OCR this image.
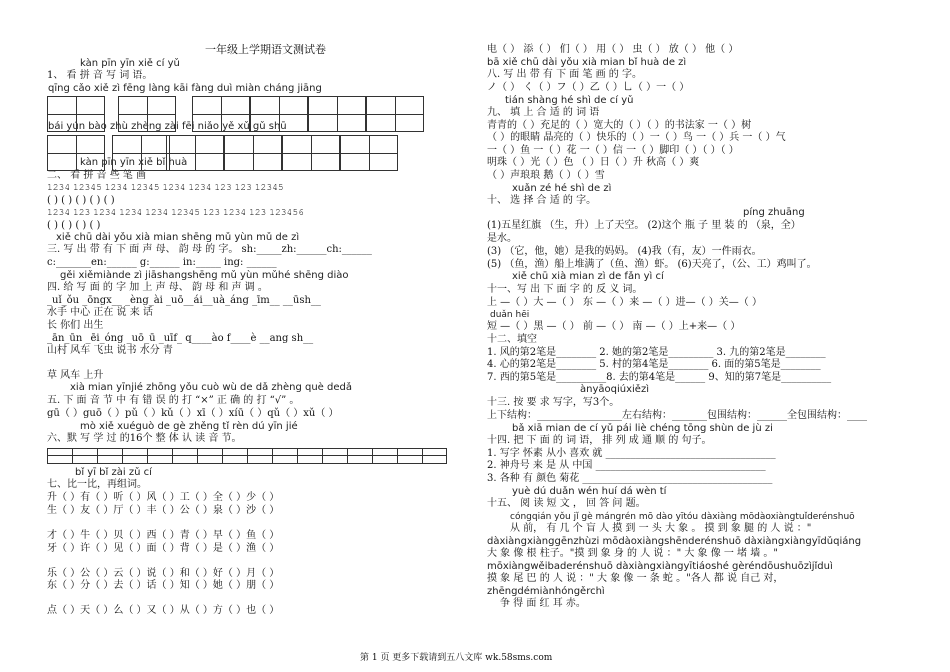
一年级上学期语文测试卷
kàn pīn yīn xiě cí yǔ
1、 看 拼 音 写 词 语。
qīng cǎo xiě zì fēng làng kāi fàng duì miàn cháng jiāng
bái yún bào zhù zhèng zài fēi niǎo yě xǔ gǔ shū
kàn pīn yīn xiě bǐ huà
二、 看 拼 音 些 笔 画
𝟷𝟸𝟹𝟺 𝟷𝟸𝟹𝟺𝟻 𝟷𝟸𝟹𝟺 𝟷𝟸𝟹𝟺𝟻 𝟷𝟸𝟹𝟺 𝟷𝟸𝟹𝟺 𝟷𝟸𝟹 𝟷𝟸𝟹 𝟷𝟸𝟹𝟺𝟻
( ) ( ) ( ) ( ) ( )
𝟷𝟸𝟹𝟺 𝟷𝟸𝟹 𝟷𝟸𝟹𝟺 𝟷𝟸𝟹𝟺 𝟷𝟸𝟹𝟺 𝟷𝟸𝟹𝟺𝟻 𝟷𝟸𝟹 𝟷𝟸𝟹𝟺 𝟷𝟸𝟹 𝟷𝟸𝟹𝟺𝟻𝟼
( ) ( ) ( ) ( )
xiě chū dài yǒu xià mian shēng mǔ yùn mǔ de zì
三. 写 出 带 有 下 面 声 母、 韵 母 的 字。 sh:_____zh:______ch:______
c:_______en:______ g:______ in:_____ ing: ______
gěi xiěmiànde zì jiāshangshēng mǔ yùn mǔhé shēng diào
四. 给 写 面 的 字 加 上 声 母、 韵 母 和 声 调 。
_uǐ_ǒu _ōngx__ _èng_ài _uō__ái__uà_áng _īm__ __ūsh__
水手 中心 正在 说 来 话
长 你们 出生
_ān_ūn _ēi_óng _uō_ū _uīf_ q____ào f____è __ang sh__
山村 风车 飞虫 说书 水分 青
草 风车 上升
xià mian yīnjié zhōng yǒu cuò wù de dǎ zhèng què dedǎ
五. 下 面 音 节 中 有 错 误 的 打 “×” 正 确 的 打 “√” 。
gū（ ）guō（ ）pǔ（ ）kǔ（ ）xī（ ）xíū（ ）qǔ（ ）xǔ（ ）
mò xiě xuéguò de gè zhěng tǐ rèn dú yīn jié
六、默 写 学 过 的16个 整 体 认 读 音 节。
bǐ yī bǐ zài zǔ cí
七、比一比，再组词。
升（ ）有（ ）听（ ）风（ ）工（ ）全（ ）少（ ）
生（ ）友（ ）厅（ ）丰（ ）公（ ）泉（ ）沙（ ）
才（ ）牛（ ）贝（ ）西（ ）青（ ）早（ ）鱼（ ）
牙（ ）许（ ）见（ ）面（ ）背（ ）是（ ）渔（ ）
乐（ ）公（ ）云（ ）说（ ）和（ ）好（ ）月（ ）
东（ ）分（ ）去（ ）话（ ）知（ ）她（ ）朋（ ）
点（ ）天（ ）么（ ）又（ ）从（ ）方（ ）也（ ）
电（ ） 添（ ） 们（ ） 用（ ） 虫（ ） 放（ ） 他（ ）
bā xiě chū dài yǒu xià mian bǐ huà de zì
八. 写 出 带 有 下 面 笔 画 的 字。
ノ（ ） く（ ）フ（ ）乙（ ）乚（ ）一（ ）
tián shàng hé shì de cí yǔ
九、 填 上 合 适 的 词 语
青青的（ ）充足的（ ）宽大的（ ）（ ）的书法家 一（ ）树
（ ）的眼睛 晶亮的（ ）快乐的（ ）一（ ）鸟 一（ ）兵 一（ ）气
一（ ）鱼 一（ ）花 一（ ）信 一（ ）脚印（ ）（ ）（ ）
明珠（ ）光（ ）色 （ ）日（ ）升 秋高（ ）爽
（ ）声琅琅 鹅（ ）（ ）雪
xuǎn zé hé shì de zì
十、 选 择 合 适 的 字。
píng zhuāng
(1)五星红旗 （生，升）上了天空。 (2)这个 瓶 子 里 装 的 （泉，全）
是水。
(3) （它，他，她）是我的妈妈。 (4)我（有，友）一件雨衣。
(5) （鱼，渔）船上堆满了（鱼、渔）虾。 (6)天亮了，（公、工）鸡叫了。
xiě chū xià mian zì de fǎn yì cí
十一、写 出 下 面 字 的 反 义 词。
上 —（ ）大 —（ ） 东 —（ ）来 —（ ）进—（ ）关—（ ）
duǎn hēi
短 —（ ）黑 —（ ） 前 —（ ） 南 —（ ）上+来—（ ）
十二、填空
1. 风的第2笔是________ 2. 她的第2笔是_________ 3. 九的第2笔是________
4. 心的第2笔是________ 5. 村的第4笔是________ 6. 面的第5笔是________
7. 西的第5笔是__________8. 去的第4笔是______ 9、知的第7笔是__________
ànyāoqiúxiězì
十三. 按 要 求 写字，写3个。
上下结构：_________________左右结构：_______包围结构：______全包围结构：____
bǎ xiā mian de cí yǔ pái liè chéng tōng shùn de jù zi
十四. 把 下 面 的 词 语， 排 列 成 通 顺 的 句子。
1. 写字 怀素 从小 喜欢 就 __________________________________
2. 神舟号 来 是 从 中国 __________________________________
3. 各种 有 颜色 菊花 ______________________________________
yuè dú duǎn wén huí dá wèn tí
十五、 阅 读 短 文 ， 回 答 问 题。
cóngqián yǒu jǐ gè mángrén mō dào yītóu dàxiàng mōdàoxiàngtuǐderénshuō
从 前， 有 几 个 盲 人 摸 到 一 头 大 象 。 摸 到 象 腿 的 人 说 ："
dàxiàngxiànggēnzhùzi mōdàoxiàngshēnderénshuō dàxiàngxiàngyīdǔqiáng
大 象 像 根 柱子。"摸 到 象 身 的 人 说 ：" 大 象 像 一 堵 墙 。"
mōxiàngwěibaderénshuō dàxiàngxiàngyītiáoshé gèréndōushuōzìjǐduì
摸 象 尾 巴 的 人 说 ：" 大 象 像 一 条 蛇 。"各人 都 说 自己 对，
zhēngdémiànhóngěrchì
争 得 面 红 耳 赤。
第 1 页 更多下载请到五八文库 wk.58sms.com
